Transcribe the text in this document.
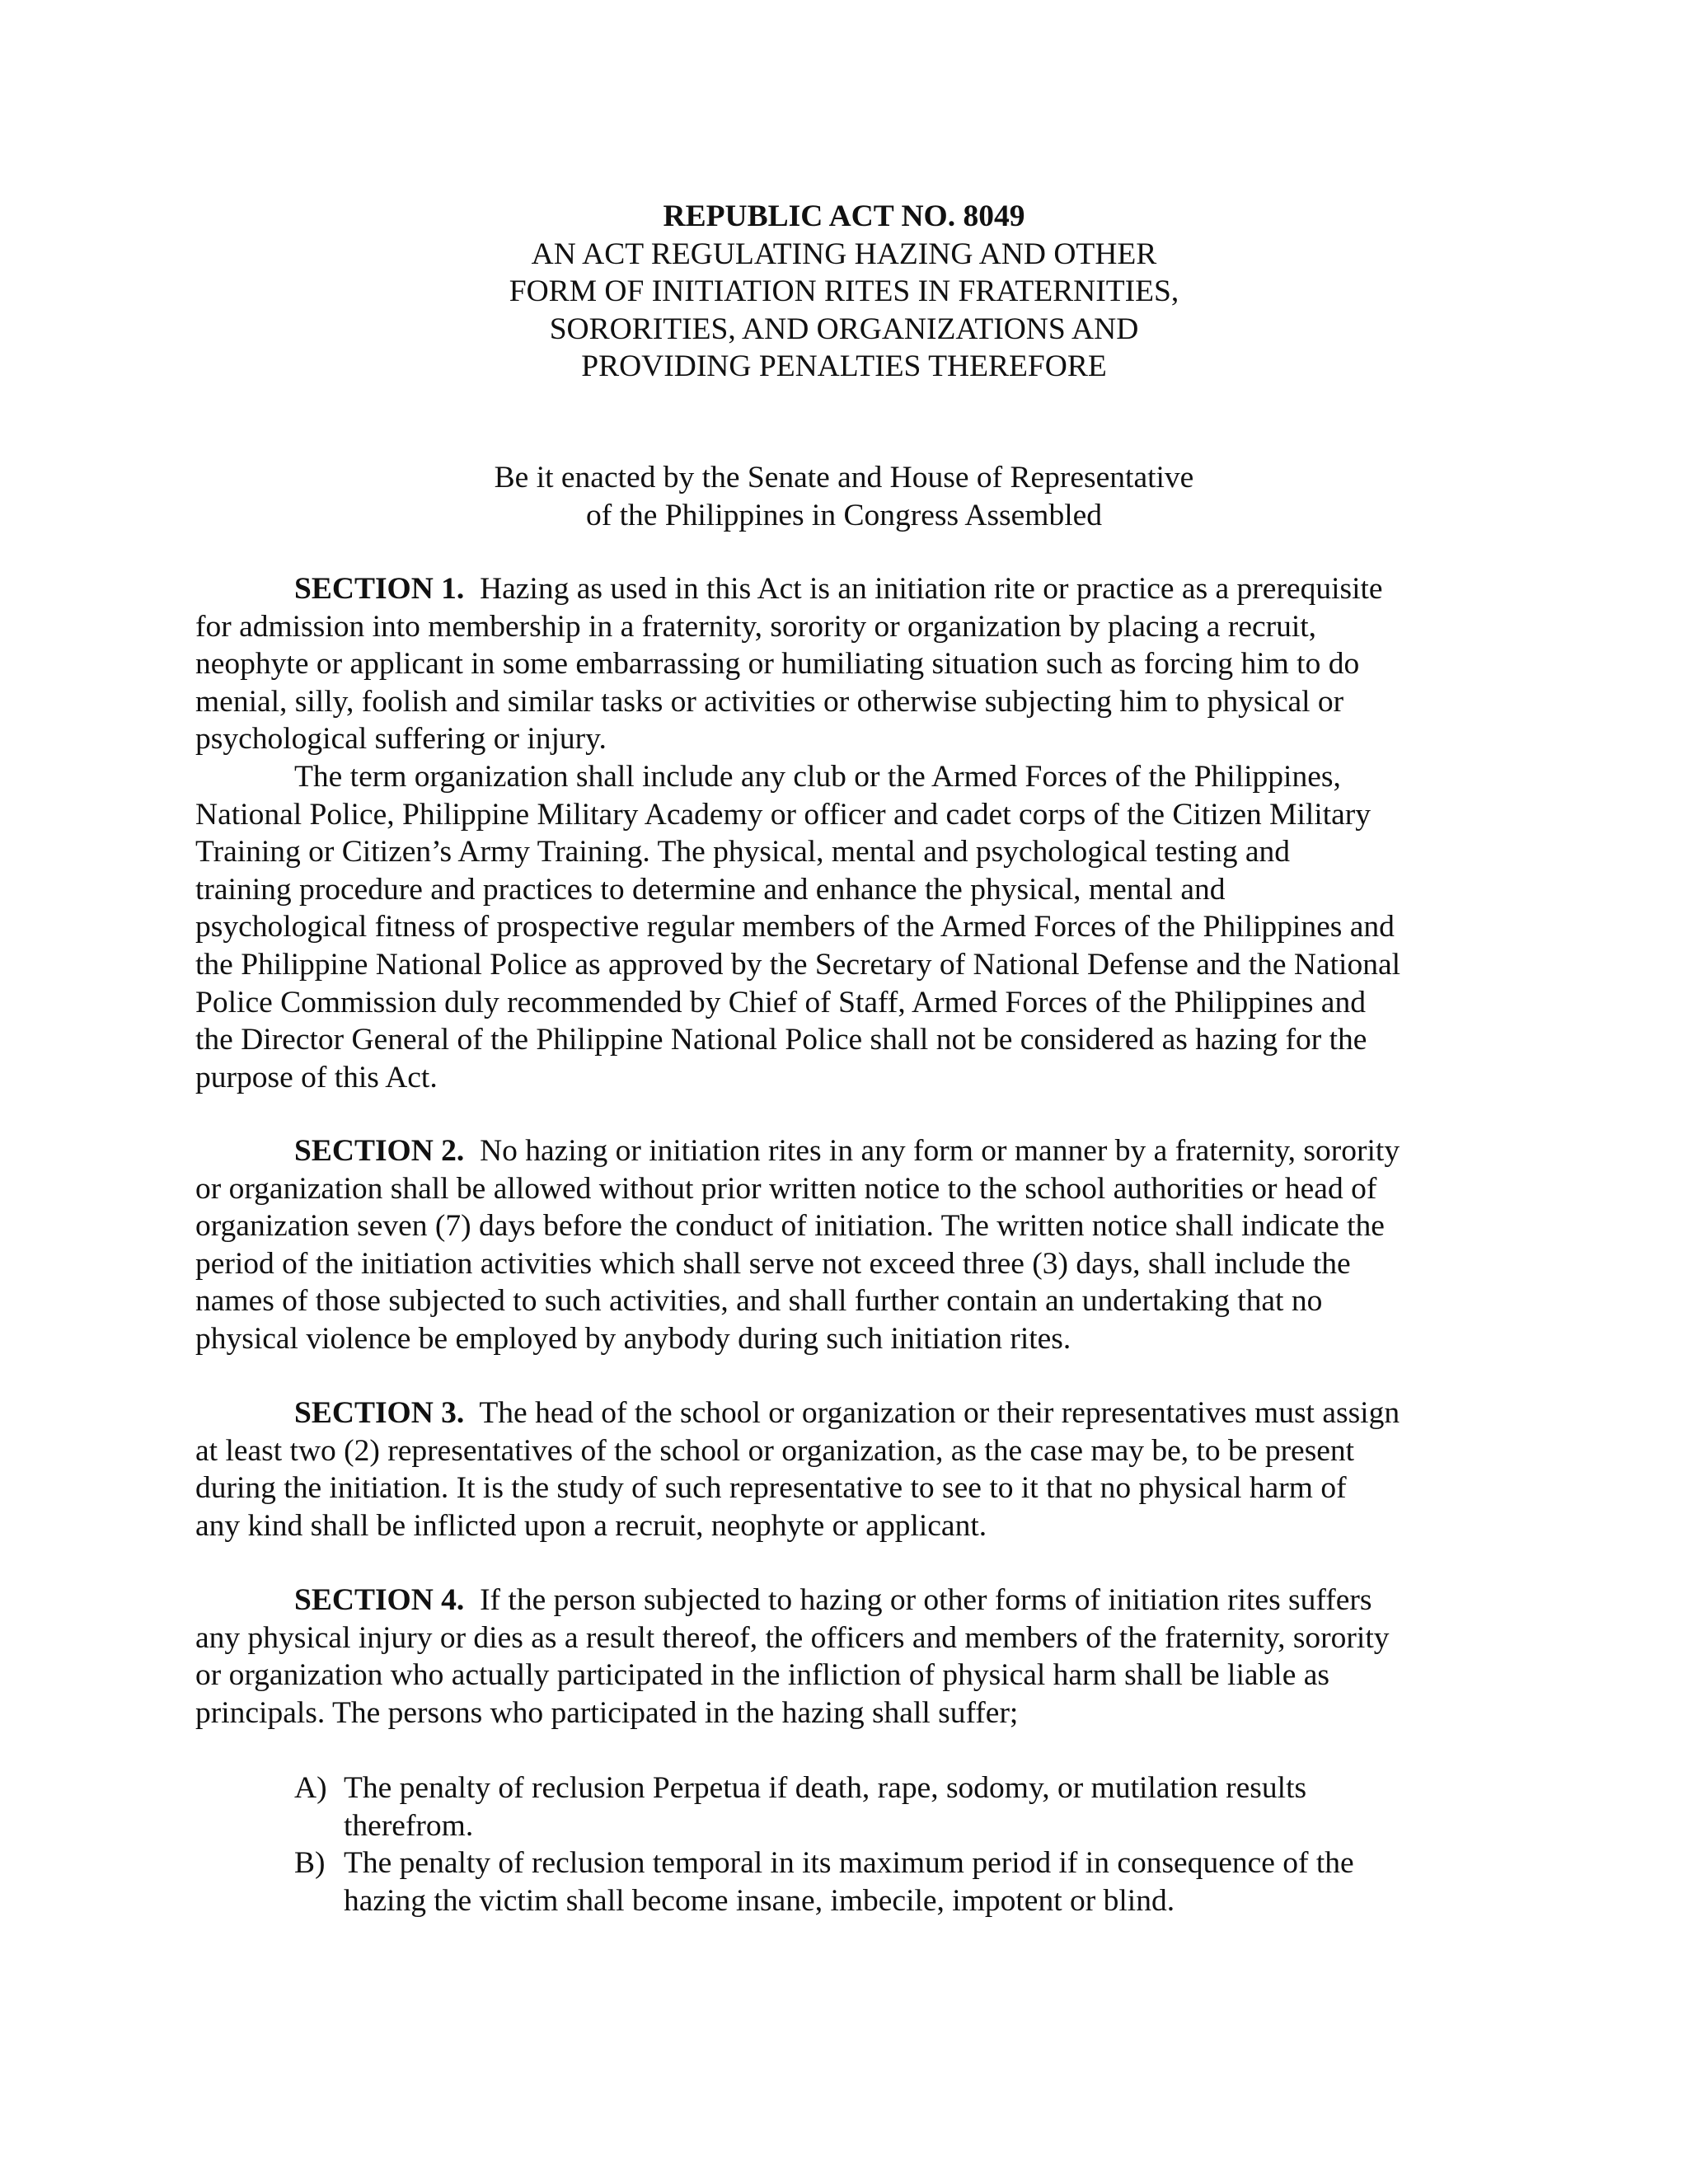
REPUBLIC ACT NO. 8049
AN ACT REGULATING HAZING AND OTHER
FORM OF INITIATION RITES IN FRATERNITIES,
SORORITIES, AND ORGANIZATIONS AND
PROVIDING PENALTIES THEREFORE
Be it enacted by the Senate and House of Representative
of the Philippines in Congress Assembled
SECTION 1. Hazing as used in this Act is an initiation rite or practice as a prerequisite
for admission into membership in a fraternity, sorority or organization by placing a recruit,
neophyte or applicant in some embarrassing or humiliating situation such as forcing him to do
menial, silly, foolish and similar tasks or activities or otherwise subjecting him to physical or
psychological suffering or injury.
The term organization shall include any club or the Armed Forces of the Philippines,
National Police, Philippine Military Academy or officer and cadet corps of the Citizen Military
Training or Citizen’s Army Training. The physical, mental and psychological testing and
training procedure and practices to determine and enhance the physical, mental and
psychological fitness of prospective regular members of the Armed Forces of the Philippines and
the Philippine National Police as approved by the Secretary of National Defense and the National
Police Commission duly recommended by Chief of Staff, Armed Forces of the Philippines and
the Director General of the Philippine National Police shall not be considered as hazing for the
purpose of this Act.
SECTION 2. No hazing or initiation rites in any form or manner by a fraternity, sorority
or organization shall be allowed without prior written notice to the school authorities or head of
organization seven (7) days before the conduct of initiation. The written notice shall indicate the
period of the initiation activities which shall serve not exceed three (3) days, shall include the
names of those subjected to such activities, and shall further contain an undertaking that no
physical violence be employed by anybody during such initiation rites.
SECTION 3. The head of the school or organization or their representatives must assign
at least two (2) representatives of the school or organization, as the case may be, to be present
during the initiation. It is the study of such representative to see to it that no physical harm of
any kind shall be inflicted upon a recruit, neophyte or applicant.
SECTION 4. If the person subjected to hazing or other forms of initiation rites suffers
any physical injury or dies as a result thereof, the officers and members of the fraternity, sorority
or organization who actually participated in the infliction of physical harm shall be liable as
principals. The persons who participated in the hazing shall suffer;
A) The penalty of reclusion Perpetua if death, rape, sodomy, or mutilation results
therefrom.
B) The penalty of reclusion temporal in its maximum period if in consequence of the
hazing the victim shall become insane, imbecile, impotent or blind.
